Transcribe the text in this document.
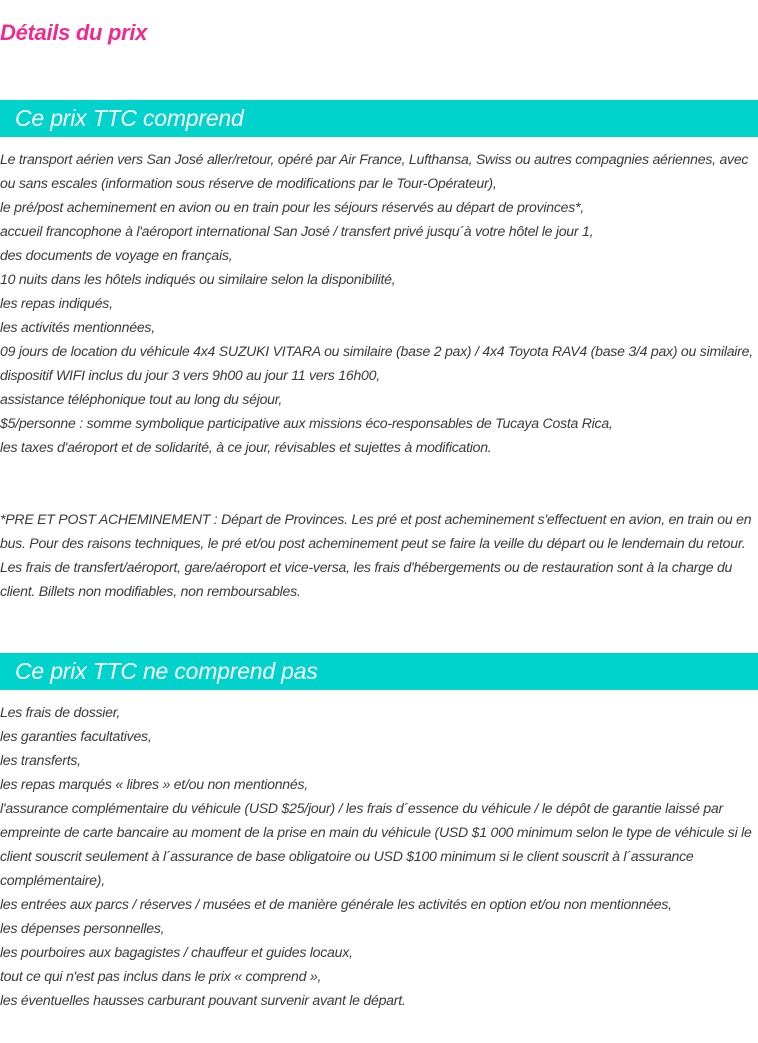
Détails du prix
Ce prix TTC comprend
Le transport aérien vers San José aller/retour, opéré par Air France, Lufthansa, Swiss ou autres compagnies aériennes, avec ou sans escales (information sous réserve de modifications par le Tour-Opérateur),
le pré/post acheminement en avion ou en train pour les séjours réservés au départ de provinces*,
accueil francophone à l'aéroport international San José / transfert privé jusqu´à votre hôtel le jour 1,
des documents de voyage en français,
10 nuits dans les hôtels indiqués ou similaire selon la disponibilité,
les repas indiqués,
les activités mentionnées,
09 jours de location du véhicule 4x4 SUZUKI VITARA ou similaire (base 2 pax) / 4x4 Toyota RAV4 (base 3/4 pax) ou similaire,
dispositif WIFI inclus du jour 3 vers 9h00 au jour 11 vers 16h00,
assistance téléphonique tout au long du séjour,
$5/personne : somme symbolique participative aux missions éco-responsables de Tucaya Costa Rica,
les taxes d'aéroport et de solidarité, à ce jour, révisables et sujettes à modification.

*PRE ET POST ACHEMINEMENT : Départ de Provinces. Les pré et post acheminement s'effectuent en avion, en train ou en bus. Pour des raisons techniques, le pré et/ou post acheminement peut se faire la veille du départ ou le lendemain du retour. Les frais de transfert/aéroport, gare/aéroport et vice-versa, les frais d'hébergements ou de restauration sont à la charge du client. Billets non modifiables, non remboursables.

Ce prix TTC ne comprend pas
Les frais de dossier,
les garanties facultatives,
les transferts,
les repas marqués « libres » et/ou non mentionnés,
l'assurance complémentaire du véhicule (USD $25/jour) / les frais d´essence du véhicule / le dépôt de garantie laissé par empreinte de carte bancaire au moment de la prise en main du véhicule (USD $1 000 minimum selon le type de véhicule si le client souscrit seulement à l´assurance de base obligatoire ou USD $100 minimum si le client souscrit à l´assurance complémentaire),
les entrées aux parcs / réserves / musées et de manière générale les activités en option et/ou non mentionnées,
les dépenses personnelles,
les pourboires aux bagagistes / chauffeur et guides locaux,
tout ce qui n'est pas inclus dans le prix « comprend »,
les éventuelles hausses carburant pouvant survenir avant le départ.
